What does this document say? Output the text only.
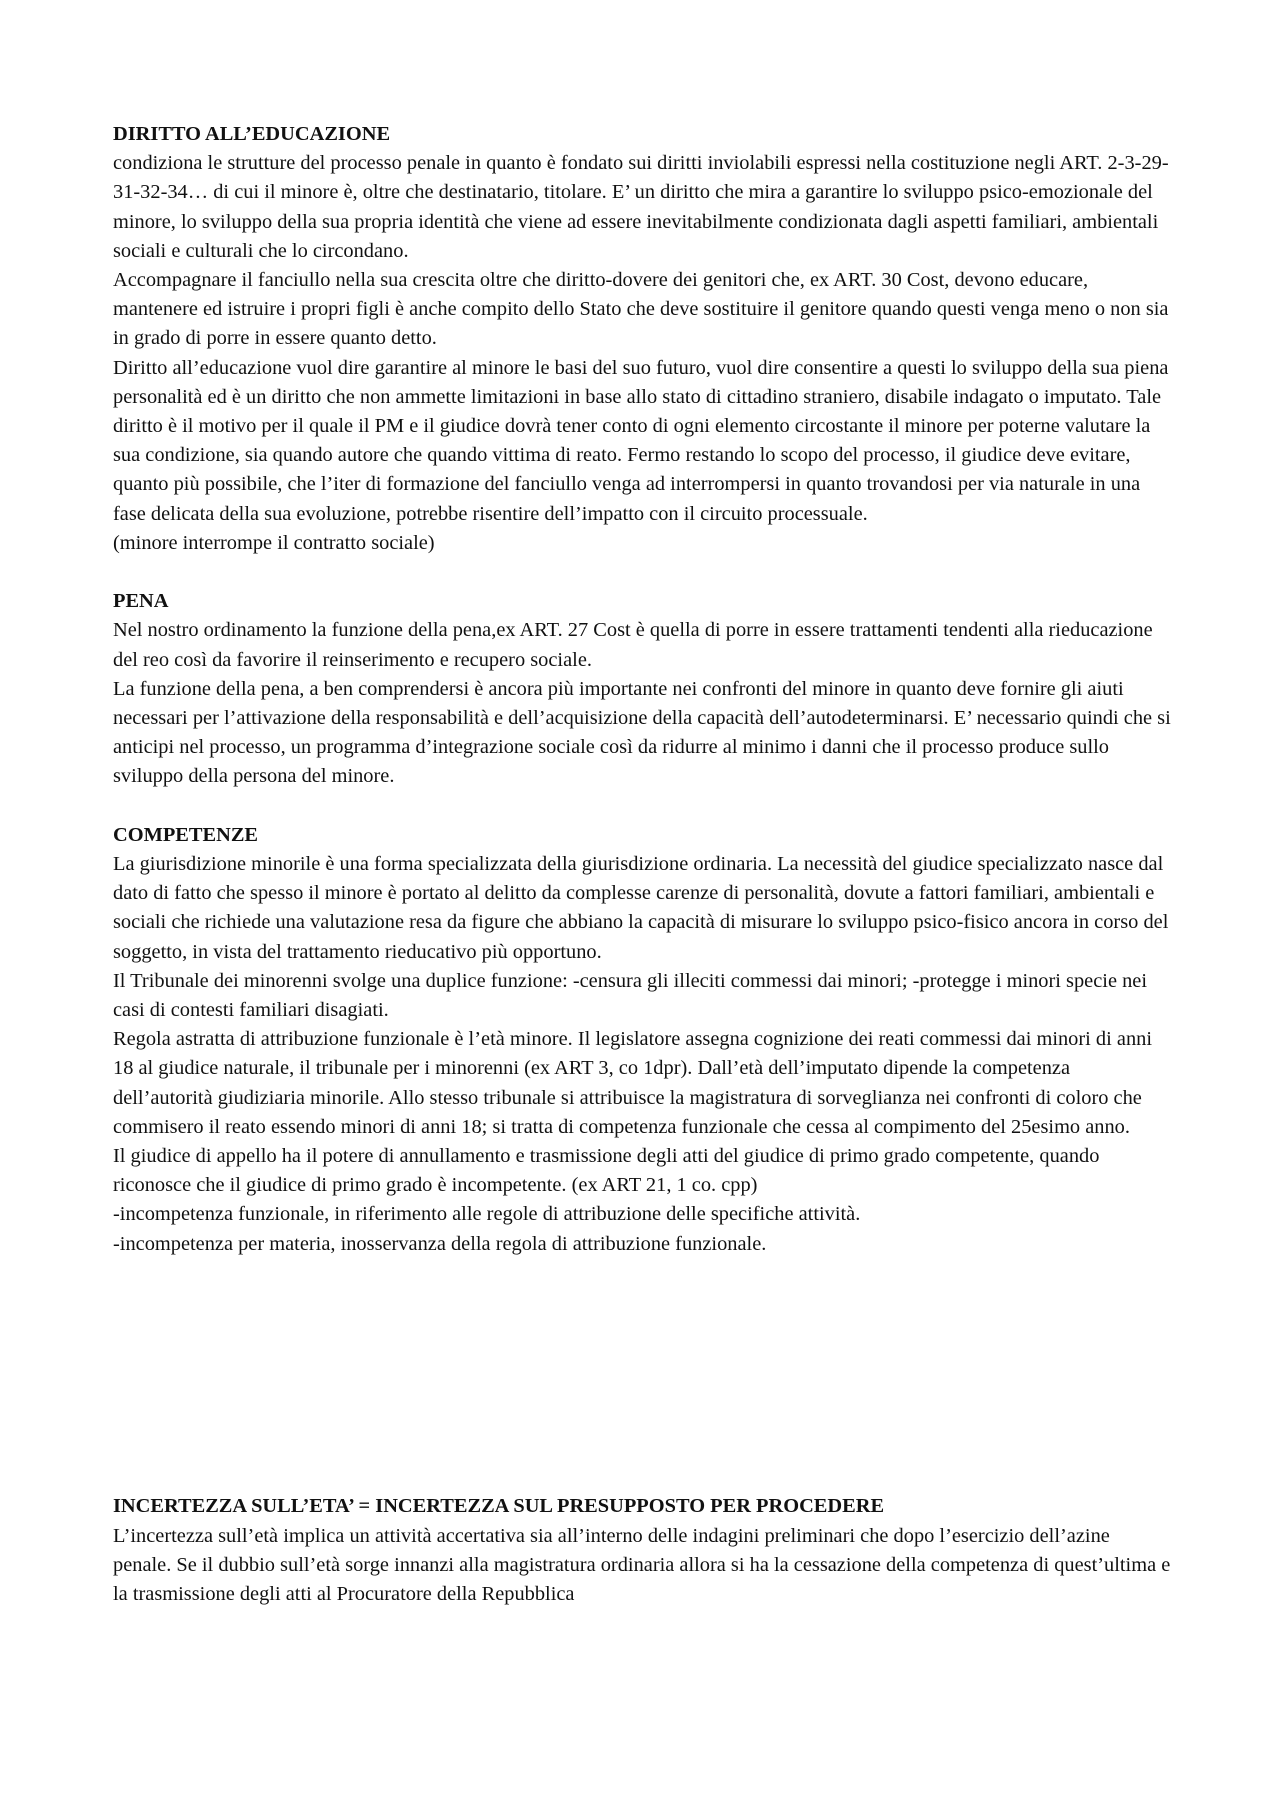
DIRITTO ALL’EDUCAZIONE
condiziona le strutture del processo penale in quanto è fondato sui diritti inviolabili espressi nella costituzione negli ART. 2-3-29-31-32-34… di cui il minore è, oltre che destinatario, titolare. E’ un diritto che mira a garantire lo sviluppo psico-emozionale del minore, lo sviluppo della sua propria identità che viene ad essere inevitabilmente condizionata dagli aspetti familiari, ambientali sociali e culturali che lo circondano.
Accompagnare il fanciullo nella sua crescita oltre che diritto-dovere dei genitori che, ex ART. 30 Cost, devono educare, mantenere ed istruire i propri figli è anche compito dello Stato che deve sostituire il genitore quando questi venga meno o non sia in grado di porre in essere quanto detto.
Diritto all’educazione vuol dire garantire al minore le basi del suo futuro, vuol dire consentire a questi lo sviluppo della sua piena personalità ed è un diritto che non ammette limitazioni in base allo stato di cittadino straniero, disabile indagato o imputato. Tale diritto è il motivo per il quale il PM e il giudice dovrà tener conto di ogni elemento circostante il minore per poterne valutare la sua condizione, sia quando autore che quando vittima di reato. Fermo restando lo scopo del processo, il giudice deve evitare, quanto più possibile, che l’iter di formazione del fanciullo venga ad interrompersi in quanto trovandosi per via naturale in una fase delicata della sua evoluzione, potrebbe risentire dell’impatto con il circuito processuale.
(minore interrompe il contratto sociale)
PENA
Nel nostro ordinamento la funzione della pena,ex ART. 27 Cost è quella di porre in essere trattamenti tendenti alla rieducazione del reo così da favorire il reinserimento e recupero sociale.
La funzione della pena, a ben comprendersi è ancora più importante nei confronti del minore in quanto deve fornire gli aiuti necessari per l’attivazione della responsabilità e dell’acquisizione della capacità dell’autodeterminarsi. E’ necessario quindi che si anticipi nel processo, un programma d’integrazione sociale così da ridurre al minimo i danni che il processo produce sullo sviluppo della persona del minore.
COMPETENZE
La giurisdizione minorile è una forma specializzata della giurisdizione ordinaria. La necessità del giudice specializzato nasce dal dato di fatto che spesso il minore è portato al delitto da complesse carenze di personalità, dovute a fattori familiari, ambientali e sociali che richiede una valutazione resa da figure che abbiano la capacità di misurare lo sviluppo psico-fisico ancora in corso del soggetto, in vista del trattamento rieducativo più opportuno.
Il Tribunale dei minorenni svolge una duplice funzione: -censura gli illeciti commessi dai minori; -protegge i minori specie nei casi di contesti familiari disagiati.
Regola astratta di attribuzione funzionale è l’età minore. Il legislatore assegna cognizione dei reati commessi dai minori di anni 18 al giudice naturale, il tribunale per i minorenni (ex ART 3, co 1dpr). Dall’età dell’imputato dipende la competenza dell’autorità giudiziaria minorile. Allo stesso tribunale si attribuisce la magistratura di sorveglianza nei confronti di coloro che commisero il reato essendo minori di anni 18; si tratta di competenza funzionale che cessa al compimento del 25esimo anno.
Il giudice di appello ha il potere di annullamento e trasmissione degli atti del giudice di primo grado competente, quando riconosce che il giudice di primo grado è incompetente. (ex ART 21, 1 co. cpp)
-incompetenza funzionale, in riferimento alle regole di attribuzione delle specifiche attività.
-incompetenza per materia, inosservanza della regola di attribuzione funzionale.
INCERTEZZA SULL’ETA’ = INCERTEZZA SUL PRESUPPOSTO PER PROCEDERE
L’incertezza sull’età implica un attività accertativa sia all’interno delle indagini preliminari che dopo l’esercizio dell’azine penale. Se il dubbio sull’età sorge innanzi alla magistratura ordinaria allora si ha la cessazione della competenza di quest’ultima e la trasmissione degli atti al Procuratore della Repubblica
